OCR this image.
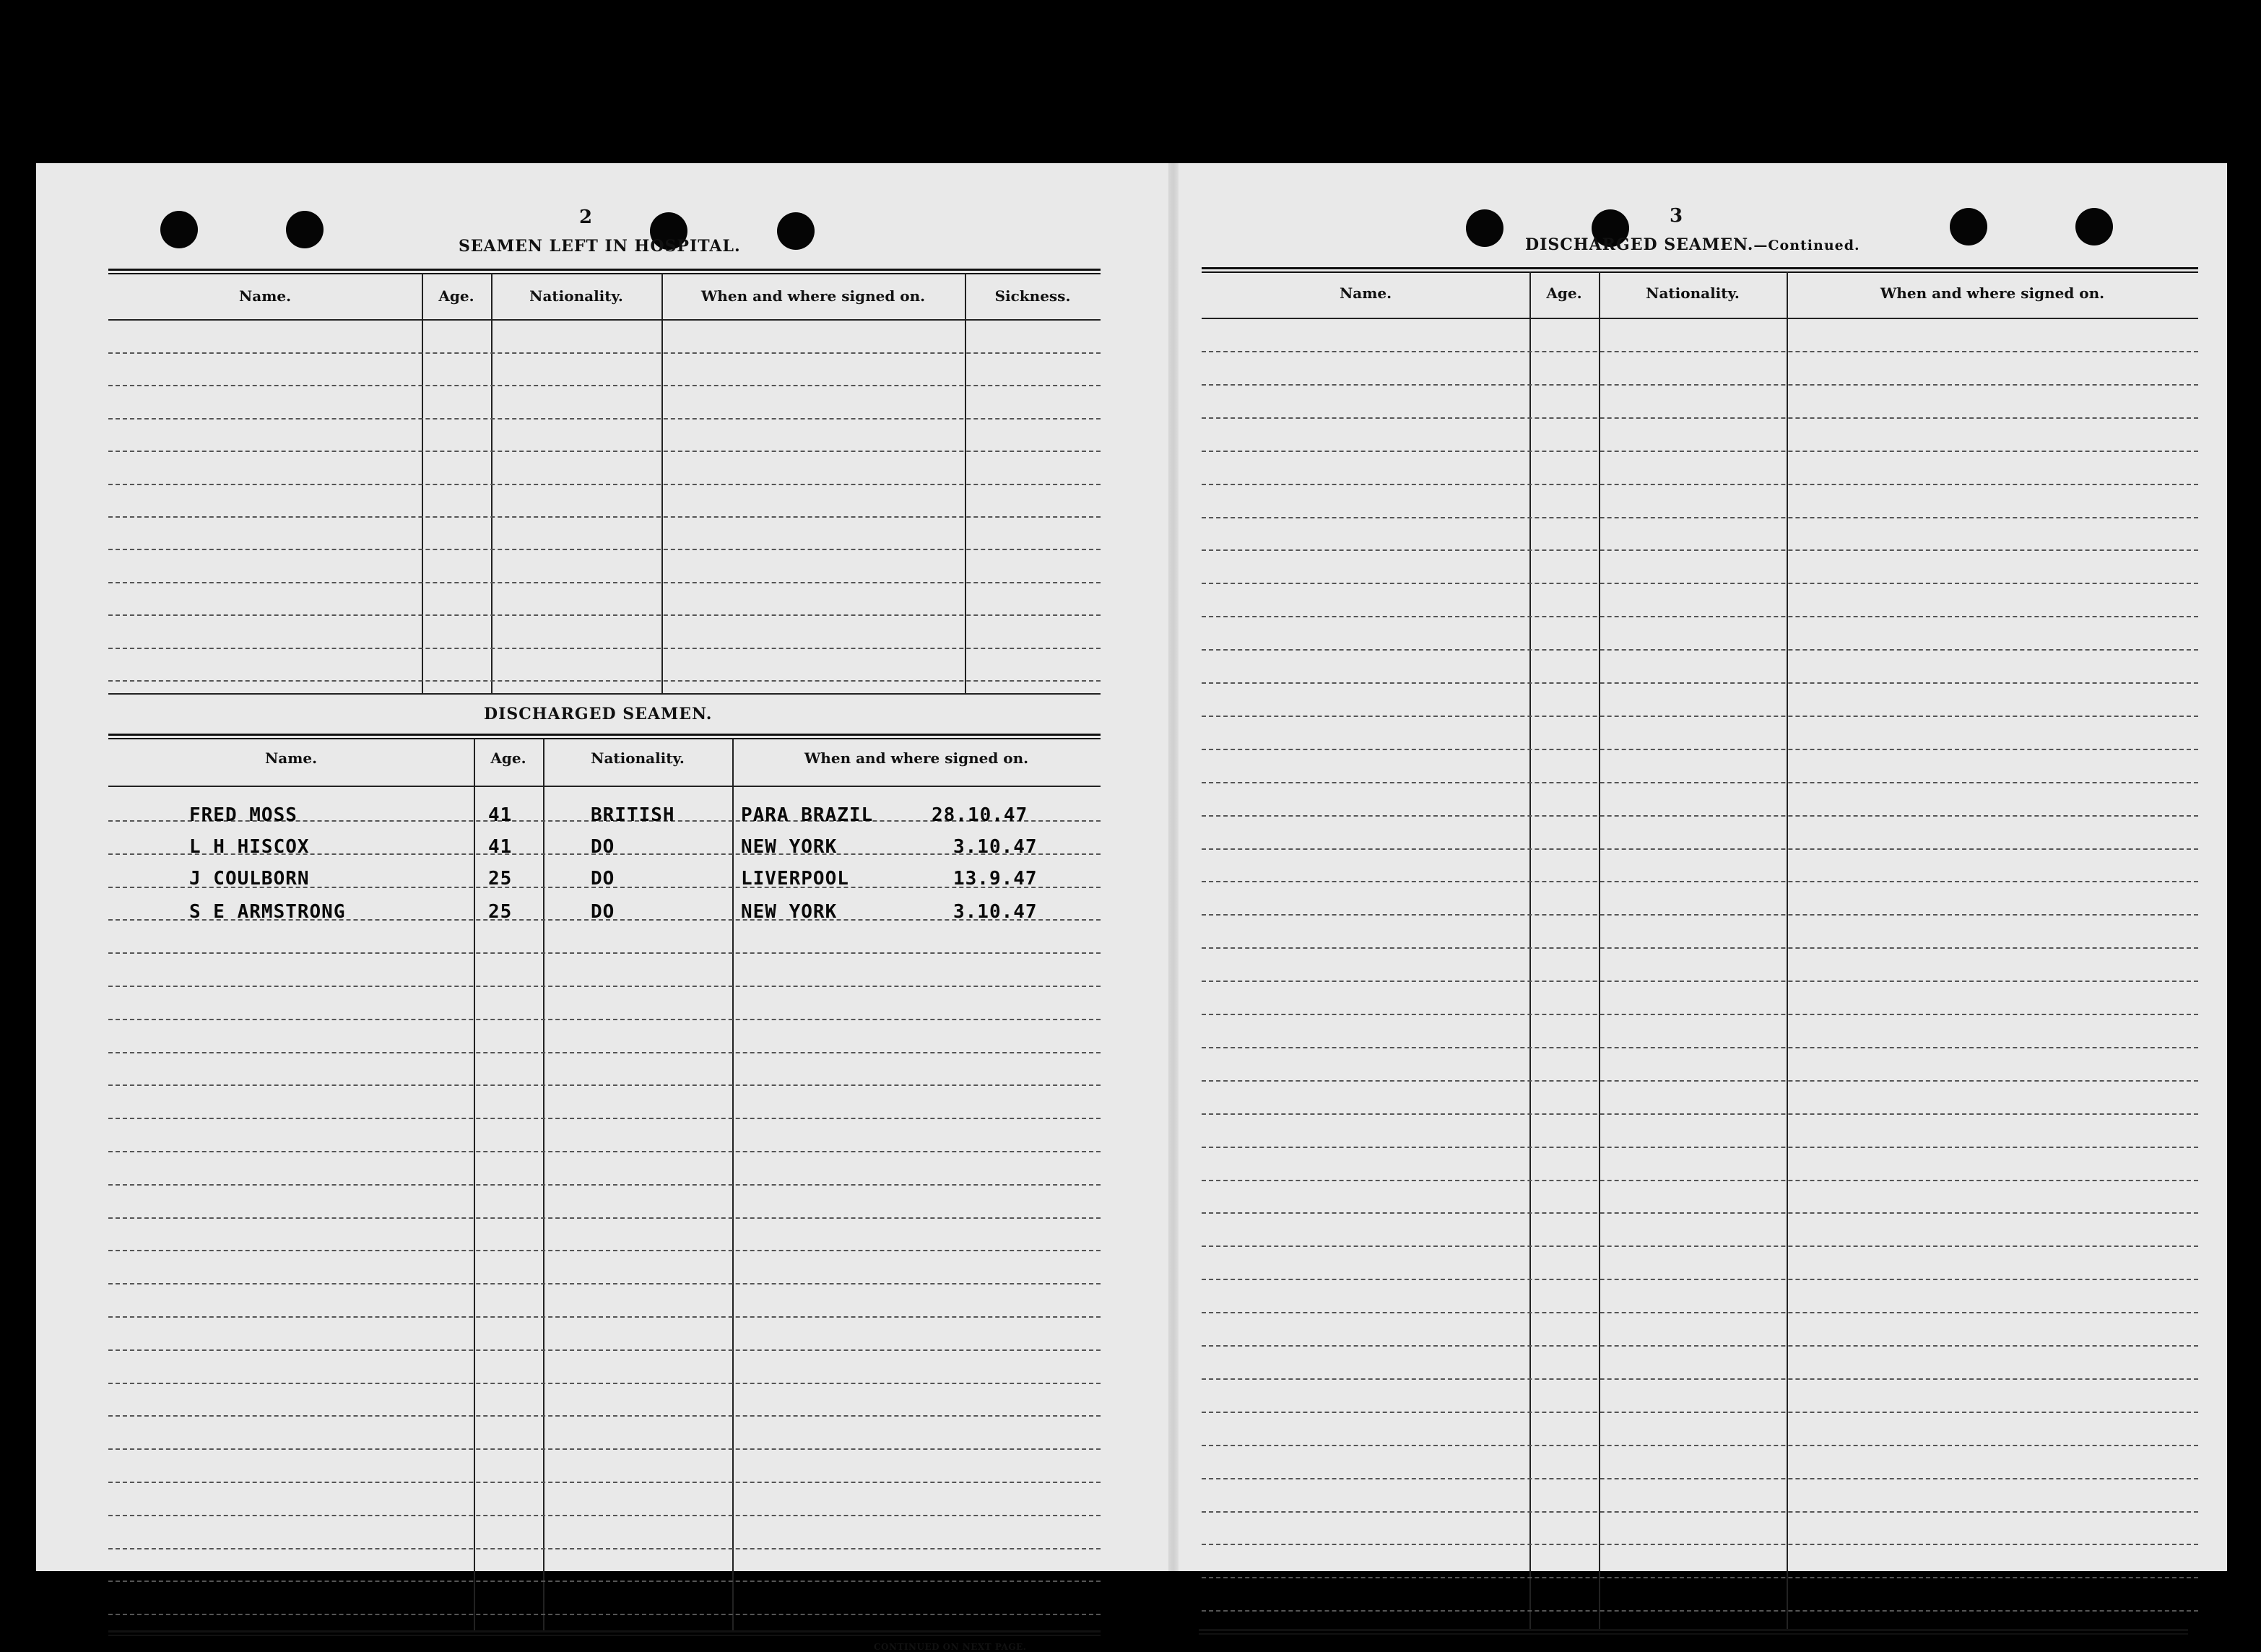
2
SEAMEN LEFT IN HOSPITAL.
Name.	Age.	Nationality.	When and where signed on.	Sickness.
DISCHARGED SEAMEN.
Name.	Age.	Nationality.	When and where signed on.
FRED MOSS	41	BRITISH	PARA BRAZIL	28.10.47
L H HISCOX	41	DO	NEW YORK	3.10.47
J COULBORN	25	DO	LIVERPOOL	13.9.47
S E ARMSTRONG	25	DO	NEW YORK	3.10.47
CONTINUED ON NEXT PAGE.
3
DISCHARGED SEAMEN.—Continued.
Name.	Age.	Nationality.	When and where signed on.
